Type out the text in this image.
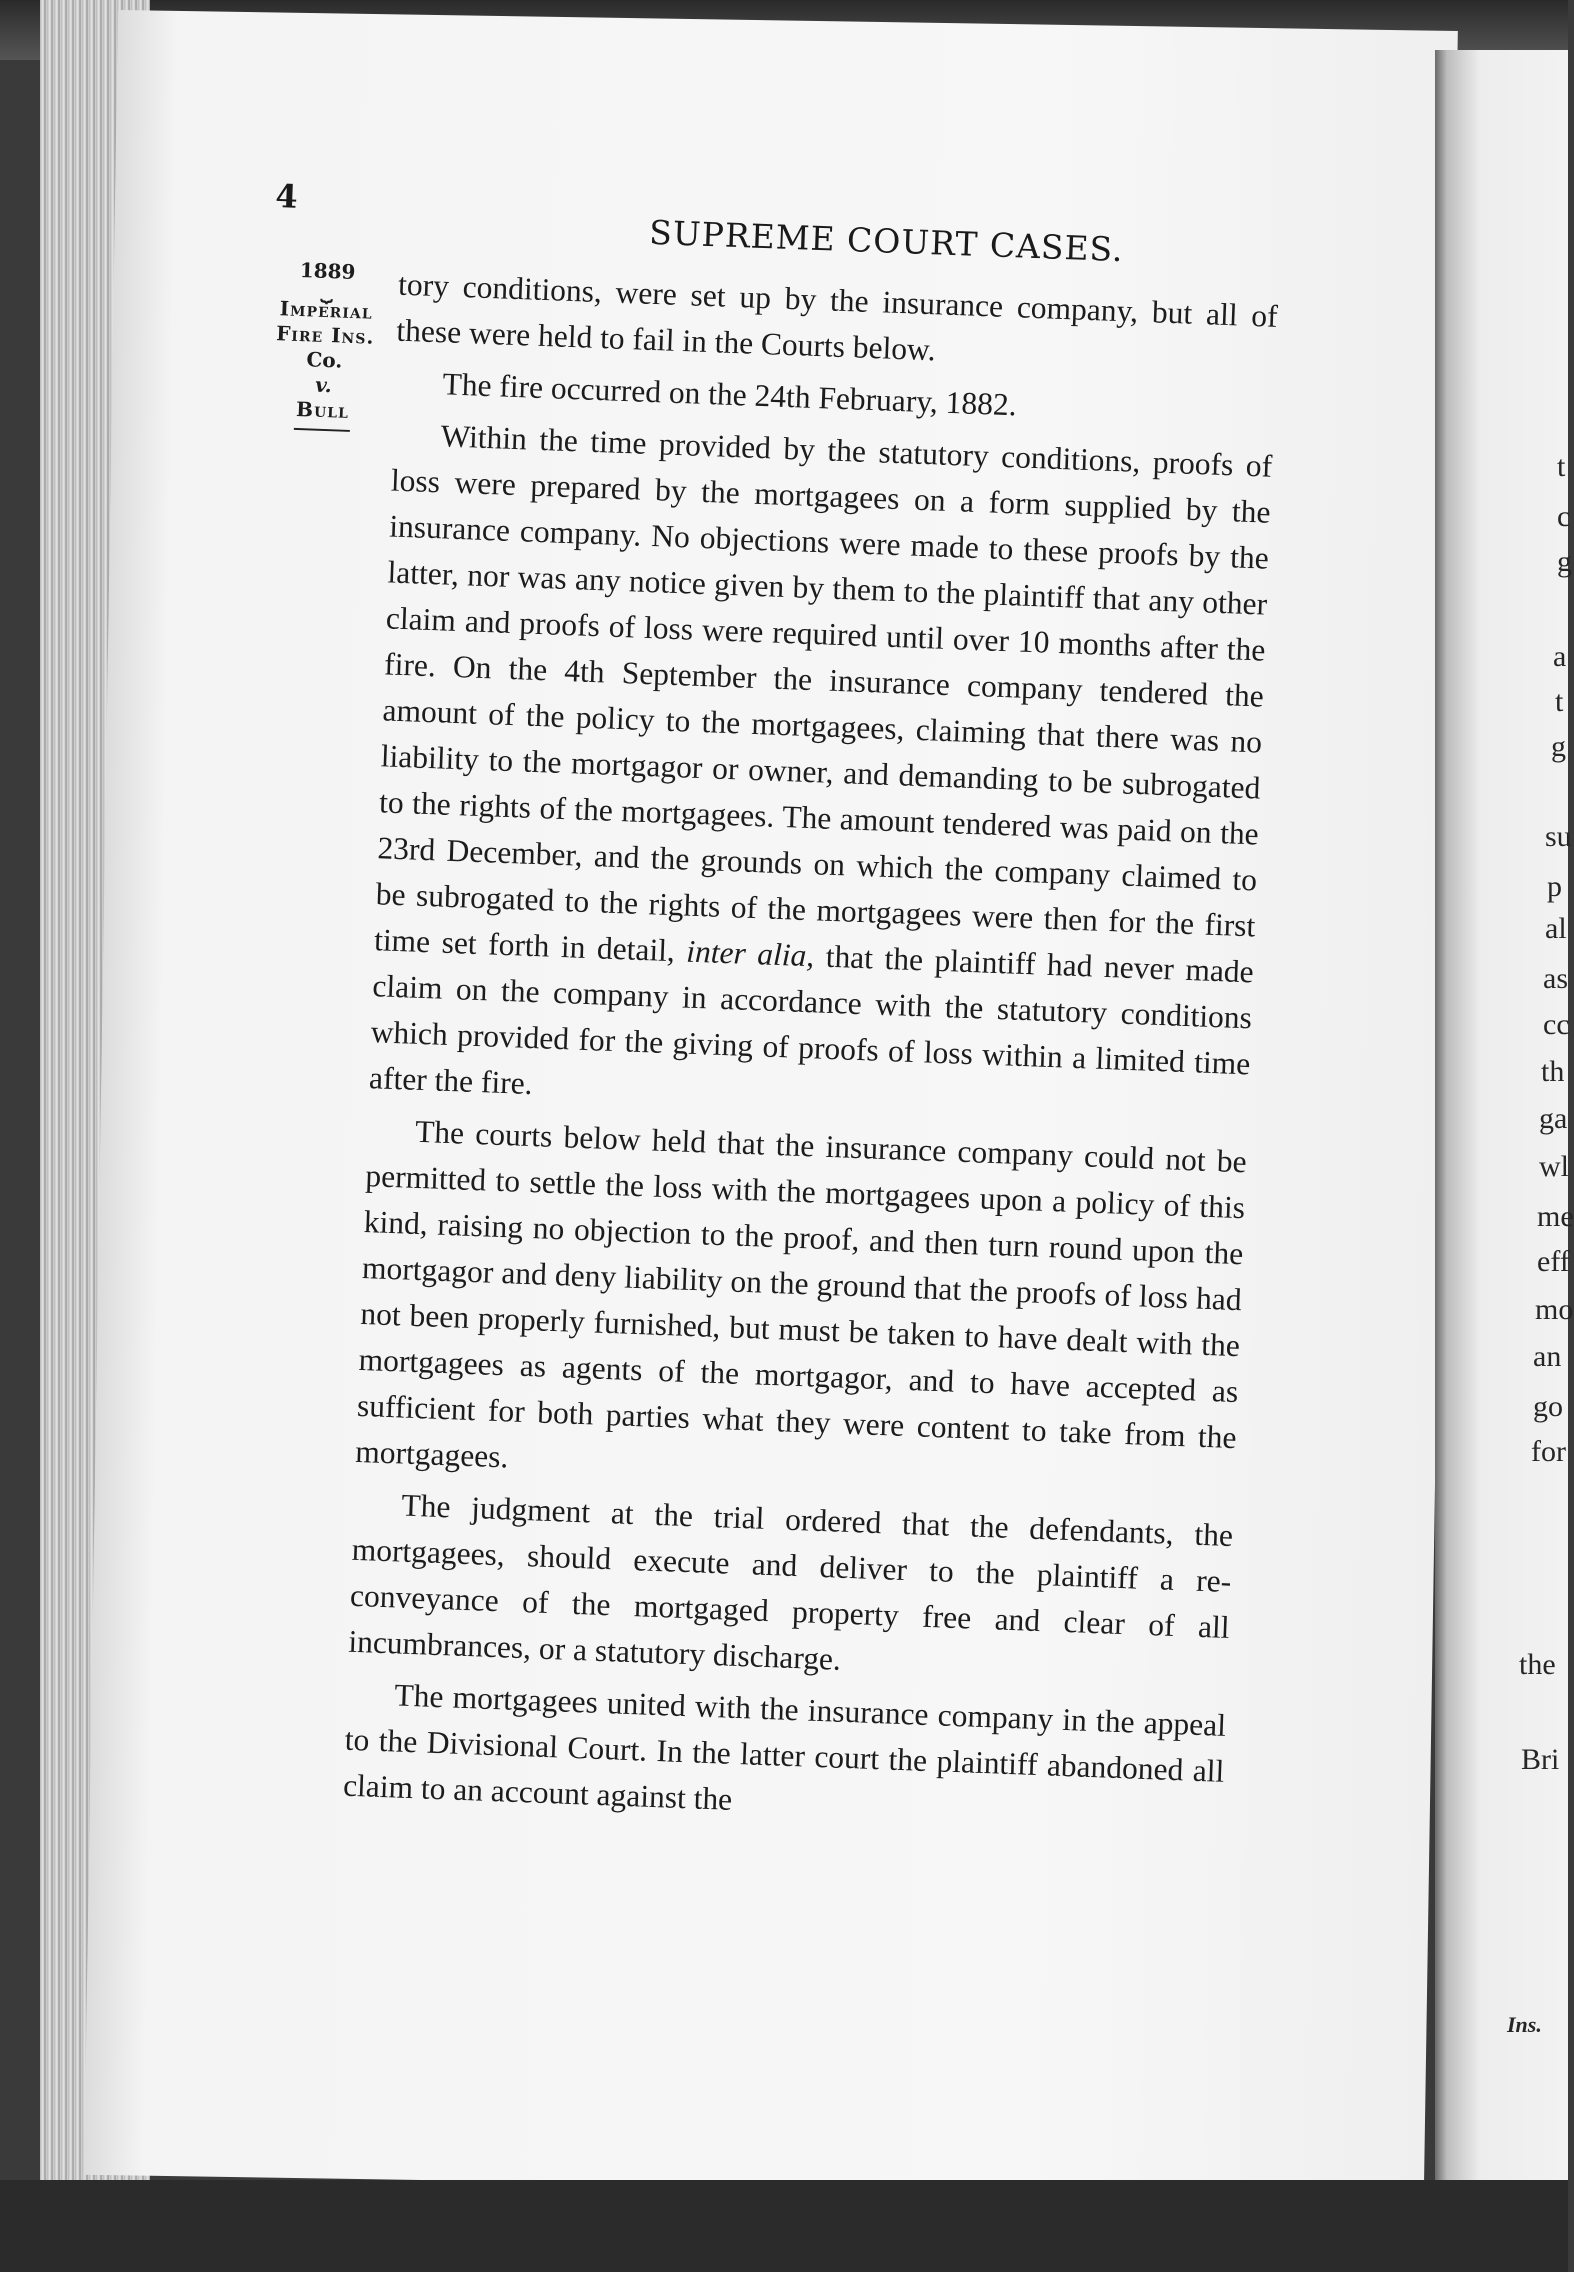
4
SUPREME COURT CASES.
1889
⏟
Imperial
Fire Ins.
Co.
v.
Bull

tory conditions, were set up by the insurance company, but all of these were held to fail in the Courts below.

The fire occurred on the 24th February, 1882.

Within the time provided by the statutory conditions, proofs of loss were prepared by the mortgagees on a form supplied by the insurance company. No objections were made to these proofs by the latter, nor was any notice given by them to the plaintiff that any other claim and proofs of loss were required until over 10 months after the fire. On the 4th September the insurance company tendered the amount of the policy to the mortgagees, claiming that there was no liability to the mortgagor or owner, and demanding to be subrogated to the rights of the mortgagees. The amount tendered was paid on the 23rd December, and the grounds on which the company claimed to be subrogated to the rights of the mortgagees were then for the first time set forth in detail, inter alia, that the plaintiff had never made claim on the company in accordance with the statutory conditions which provided for the giving of proofs of loss within a limited time after the fire.

The courts below held that the insurance company could not be permitted to settle the loss with the mortgagees upon a policy of this kind, raising no objection to the proof, and then turn round upon the mortgagor and deny liability on the ground that the proofs of loss had not been properly furnished, but must be taken to have dealt with the mortgagees as agents of the mortgagor, and to have accepted as sufficient for both parties what they were content to take from the mortgagees.

The judgment at the trial ordered that the defendants, the mortgagees, should execute and deliver to the plaintiff a re-conveyance of the mortgaged property free and clear of all incumbrances, or a statutory discharge.

The mortgagees united with the insurance company in the appeal to the Divisional Court. In the latter court the plaintiff abandoned all claim to an account against the

t
c
g
a
t
g
su
p
al
as
cc
th
ga
wl
me
eff
mo
an
go
for
the
Bri
Ins.
